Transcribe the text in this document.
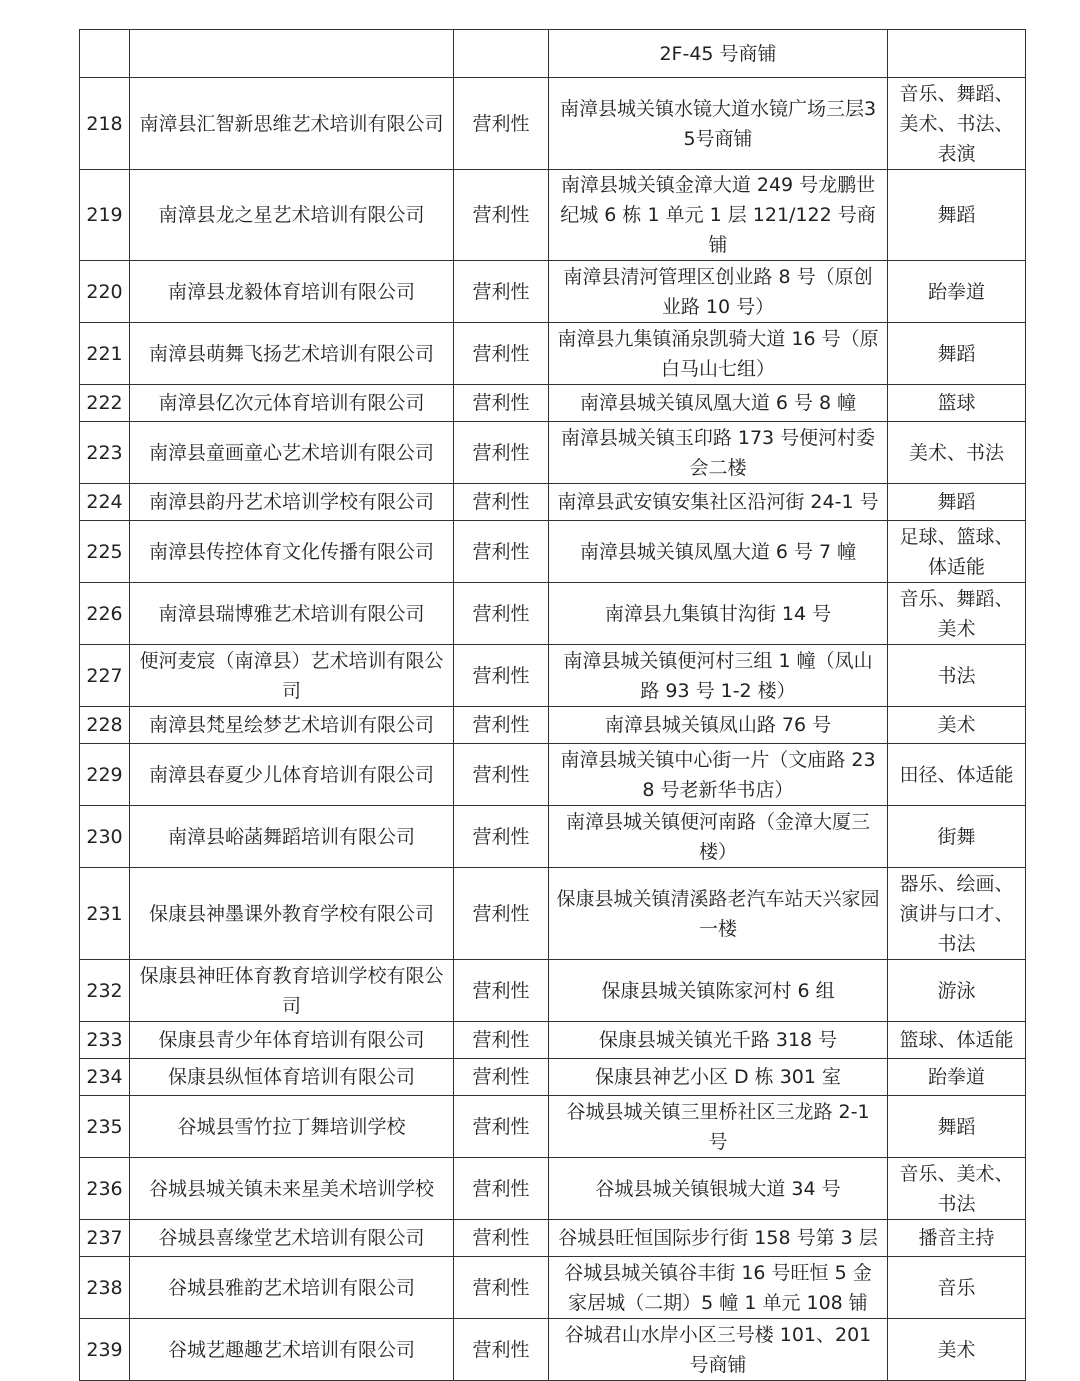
			2F-45 号商铺	
218	南漳县汇智新思维艺术培训有限公司	营利性	南漳县城关镇水镜大道水镜广场三层35号商铺	音乐、舞蹈、美术、书法、表演
219	南漳县龙之星艺术培训有限公司	营利性	南漳县城关镇金漳大道 249 号龙鹏世纪城 6 栋 1 单元 1 层 121/122 号商铺	舞蹈
220	南漳县龙毅体育培训有限公司	营利性	南漳县清河管理区创业路 8 号（原创业路 10 号）	跆拳道
221	南漳县萌舞飞扬艺术培训有限公司	营利性	南漳县九集镇涌泉凯骑大道 16 号（原白马山七组）	舞蹈
222	南漳县亿次元体育培训有限公司	营利性	南漳县城关镇凤凰大道 6 号 8 幢	篮球
223	南漳县童画童心艺术培训有限公司	营利性	南漳县城关镇玉印路 173 号便河村委会二楼	美术、书法
224	南漳县韵丹艺术培训学校有限公司	营利性	南漳县武安镇安集社区沿河街 24-1 号	舞蹈
225	南漳县传控体育文化传播有限公司	营利性	南漳县城关镇凤凰大道 6 号 7 幢	足球、篮球、体适能
226	南漳县瑞博雅艺术培训有限公司	营利性	南漳县九集镇甘沟街 14 号	音乐、舞蹈、美术
227	便河麦宸（南漳县）艺术培训有限公司	营利性	南漳县城关镇便河村三组 1 幢（凤山路 93 号 1-2 楼）	书法
228	南漳县梵星绘梦艺术培训有限公司	营利性	南漳县城关镇凤山路 76 号	美术
229	南漳县春夏少儿体育培训有限公司	营利性	南漳县城关镇中心街一片（文庙路 238 号老新华书店）	田径、体适能
230	南漳县峪菡舞蹈培训有限公司	营利性	南漳县城关镇便河南路（金漳大厦三楼）	街舞
231	保康县神墨课外教育学校有限公司	营利性	保康县城关镇清溪路老汽车站天兴家园一楼	器乐、绘画、演讲与口才、书法
232	保康县神旺体育教育培训学校有限公司	营利性	保康县城关镇陈家河村 6 组	游泳
233	保康县青少年体育培训有限公司	营利性	保康县城关镇光千路 318 号	篮球、体适能
234	保康县纵恒体育培训有限公司	营利性	保康县神艺小区 D 栋 301 室	跆拳道
235	谷城县雪竹拉丁舞培训学校	营利性	谷城县城关镇三里桥社区三龙路 2-1 号	舞蹈
236	谷城县城关镇未来星美术培训学校	营利性	谷城县城关镇银城大道 34 号	音乐、美术、书法
237	谷城县喜缘堂艺术培训有限公司	营利性	谷城县旺恒国际步行街 158 号第 3 层	播音主持
238	谷城县雅韵艺术培训有限公司	营利性	谷城县城关镇谷丰街 16 号旺恒 5 金家居城（二期）5 幢 1 单元 108 铺	音乐
239	谷城艺趣趣艺术培训有限公司	营利性	谷城君山水岸小区三号楼 101、201 号商铺	美术
